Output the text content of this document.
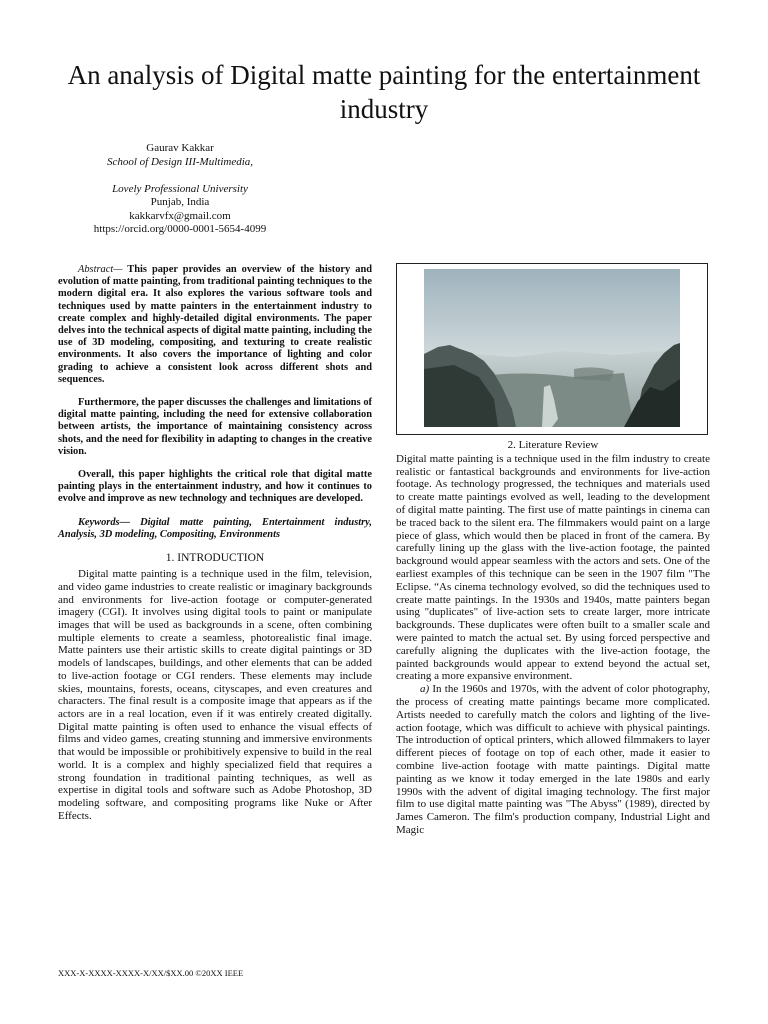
An analysis of Digital matte painting for the entertainment industry
Gaurav Kakkar
School of Design III-Multimedia,
Lovely Professional University
Punjab, India
kakkarvfx@gmail.com
https://orcid.org/0000-0001-5654-4099

Abstract— This paper provides an overview of the history and evolution of matte painting, from traditional painting techniques to the modern digital era. It also explores the various software tools and techniques used by matte painters in the entertainment industry to create complex and highly-detailed digital environments. The paper delves into the technical aspects of digital matte painting, including the use of 3D modeling, compositing, and texturing to create realistic environments. It also covers the importance of lighting and color grading to achieve a consistent look across different shots and sequences.

Furthermore, the paper discusses the challenges and limitations of digital matte painting, including the need for extensive collaboration between artists, the importance of maintaining consistency across shots, and the need for flexibility in adapting to changes in the creative vision.

Overall, this paper highlights the critical role that digital matte painting plays in the entertainment industry, and how it continues to evolve and improve as new technology and techniques are developed.

Keywords— Digital matte painting, Entertainment industry, Analysis, 3D modeling, Compositing, Environments

1. INTRODUCTION

Digital matte painting is a technique used in the film, television, and video game industries to create realistic or imaginary backgrounds and environments for live-action footage or computer-generated imagery (CGI). It involves using digital tools to paint or manipulate images that will be used as backgrounds in a scene, often combining multiple elements to create a seamless, photorealistic final image. Matte painters use their artistic skills to create digital paintings or 3D models of landscapes, buildings, and other elements that can be added to live-action footage or CGI renders. These elements may include skies, mountains, forests, oceans, cityscapes, and even creatures and characters. The final result is a composite image that appears as if the actors are in a real location, even if it was entirely created digitally. Digital matte painting is often used to enhance the visual effects of films and video games, creating stunning and immersive environments that would be impossible or prohibitively expensive to build in the real world. It is a complex and highly specialized field that requires a strong foundation in traditional painting techniques, as well as expertise in digital tools and software such as Adobe Photoshop, 3D modeling software, and compositing programs like Nuke or After Effects.

2. Literature Review

Digital matte painting is a technique used in the film industry to create realistic or fantastical backgrounds and environments for live-action footage. As technology progressed, the techniques and materials used to create matte paintings evolved as well, leading to the development of digital matte painting. The first use of matte paintings in cinema can be traced back to the silent era. The filmmakers would paint on a large piece of glass, which would then be placed in front of the camera. By carefully lining up the glass with the live-action footage, the painted background would appear seamless with the actors and sets. One of the earliest examples of this technique can be seen in the 1907 film "The Eclipse. “As cinema technology evolved, so did the techniques used to create matte paintings. In the 1930s and 1940s, matte painters began using "duplicates" of live-action sets to create larger, more intricate backgrounds. These duplicates were often built to a smaller scale and were painted to match the actual set. By using forced perspective and carefully aligning the duplicates with the live-action footage, the painted backgrounds would appear to extend beyond the actual set, creating a more expansive environment.

a) In the 1960s and 1970s, with the advent of color photography, the process of creating matte paintings became more complicated. Artists needed to carefully match the colors and lighting of the live-action footage, which was difficult to achieve with physical paintings. The introduction of optical printers, which allowed filmmakers to layer different pieces of footage on top of each other, made it easier to combine live-action footage with matte paintings. Digital matte painting as we know it today emerged in the late 1980s and early 1990s with the advent of digital imaging technology. The first major film to use digital matte painting was "The Abyss" (1989), directed by James Cameron. The film's production company, Industrial Light and Magic

XXX-X-XXXX-XXXX-X/XX/$XX.00 ©20XX IEEE
